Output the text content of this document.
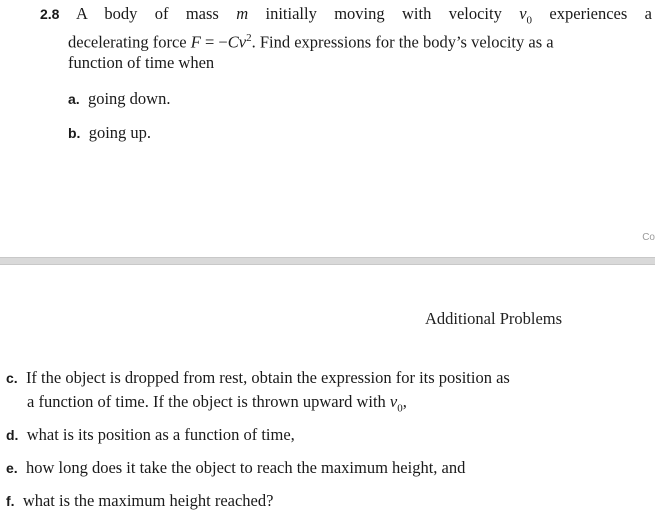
2.8 A body of mass m initially moving with velocity $v_0$ experiences a
decelerating force $F = -Cv^2$. Find expressions for the body’s velocity as a
function of time when
a. going down.
b. going up.
Co
Additional Problems
c. If the object is dropped from rest, obtain the expression for its position as
a function of time. If the object is thrown upward with $v_0$,
d. what is its position as a function of time,
e. how long does it take the object to reach the maximum height, and
f. what is the maximum height reached?
